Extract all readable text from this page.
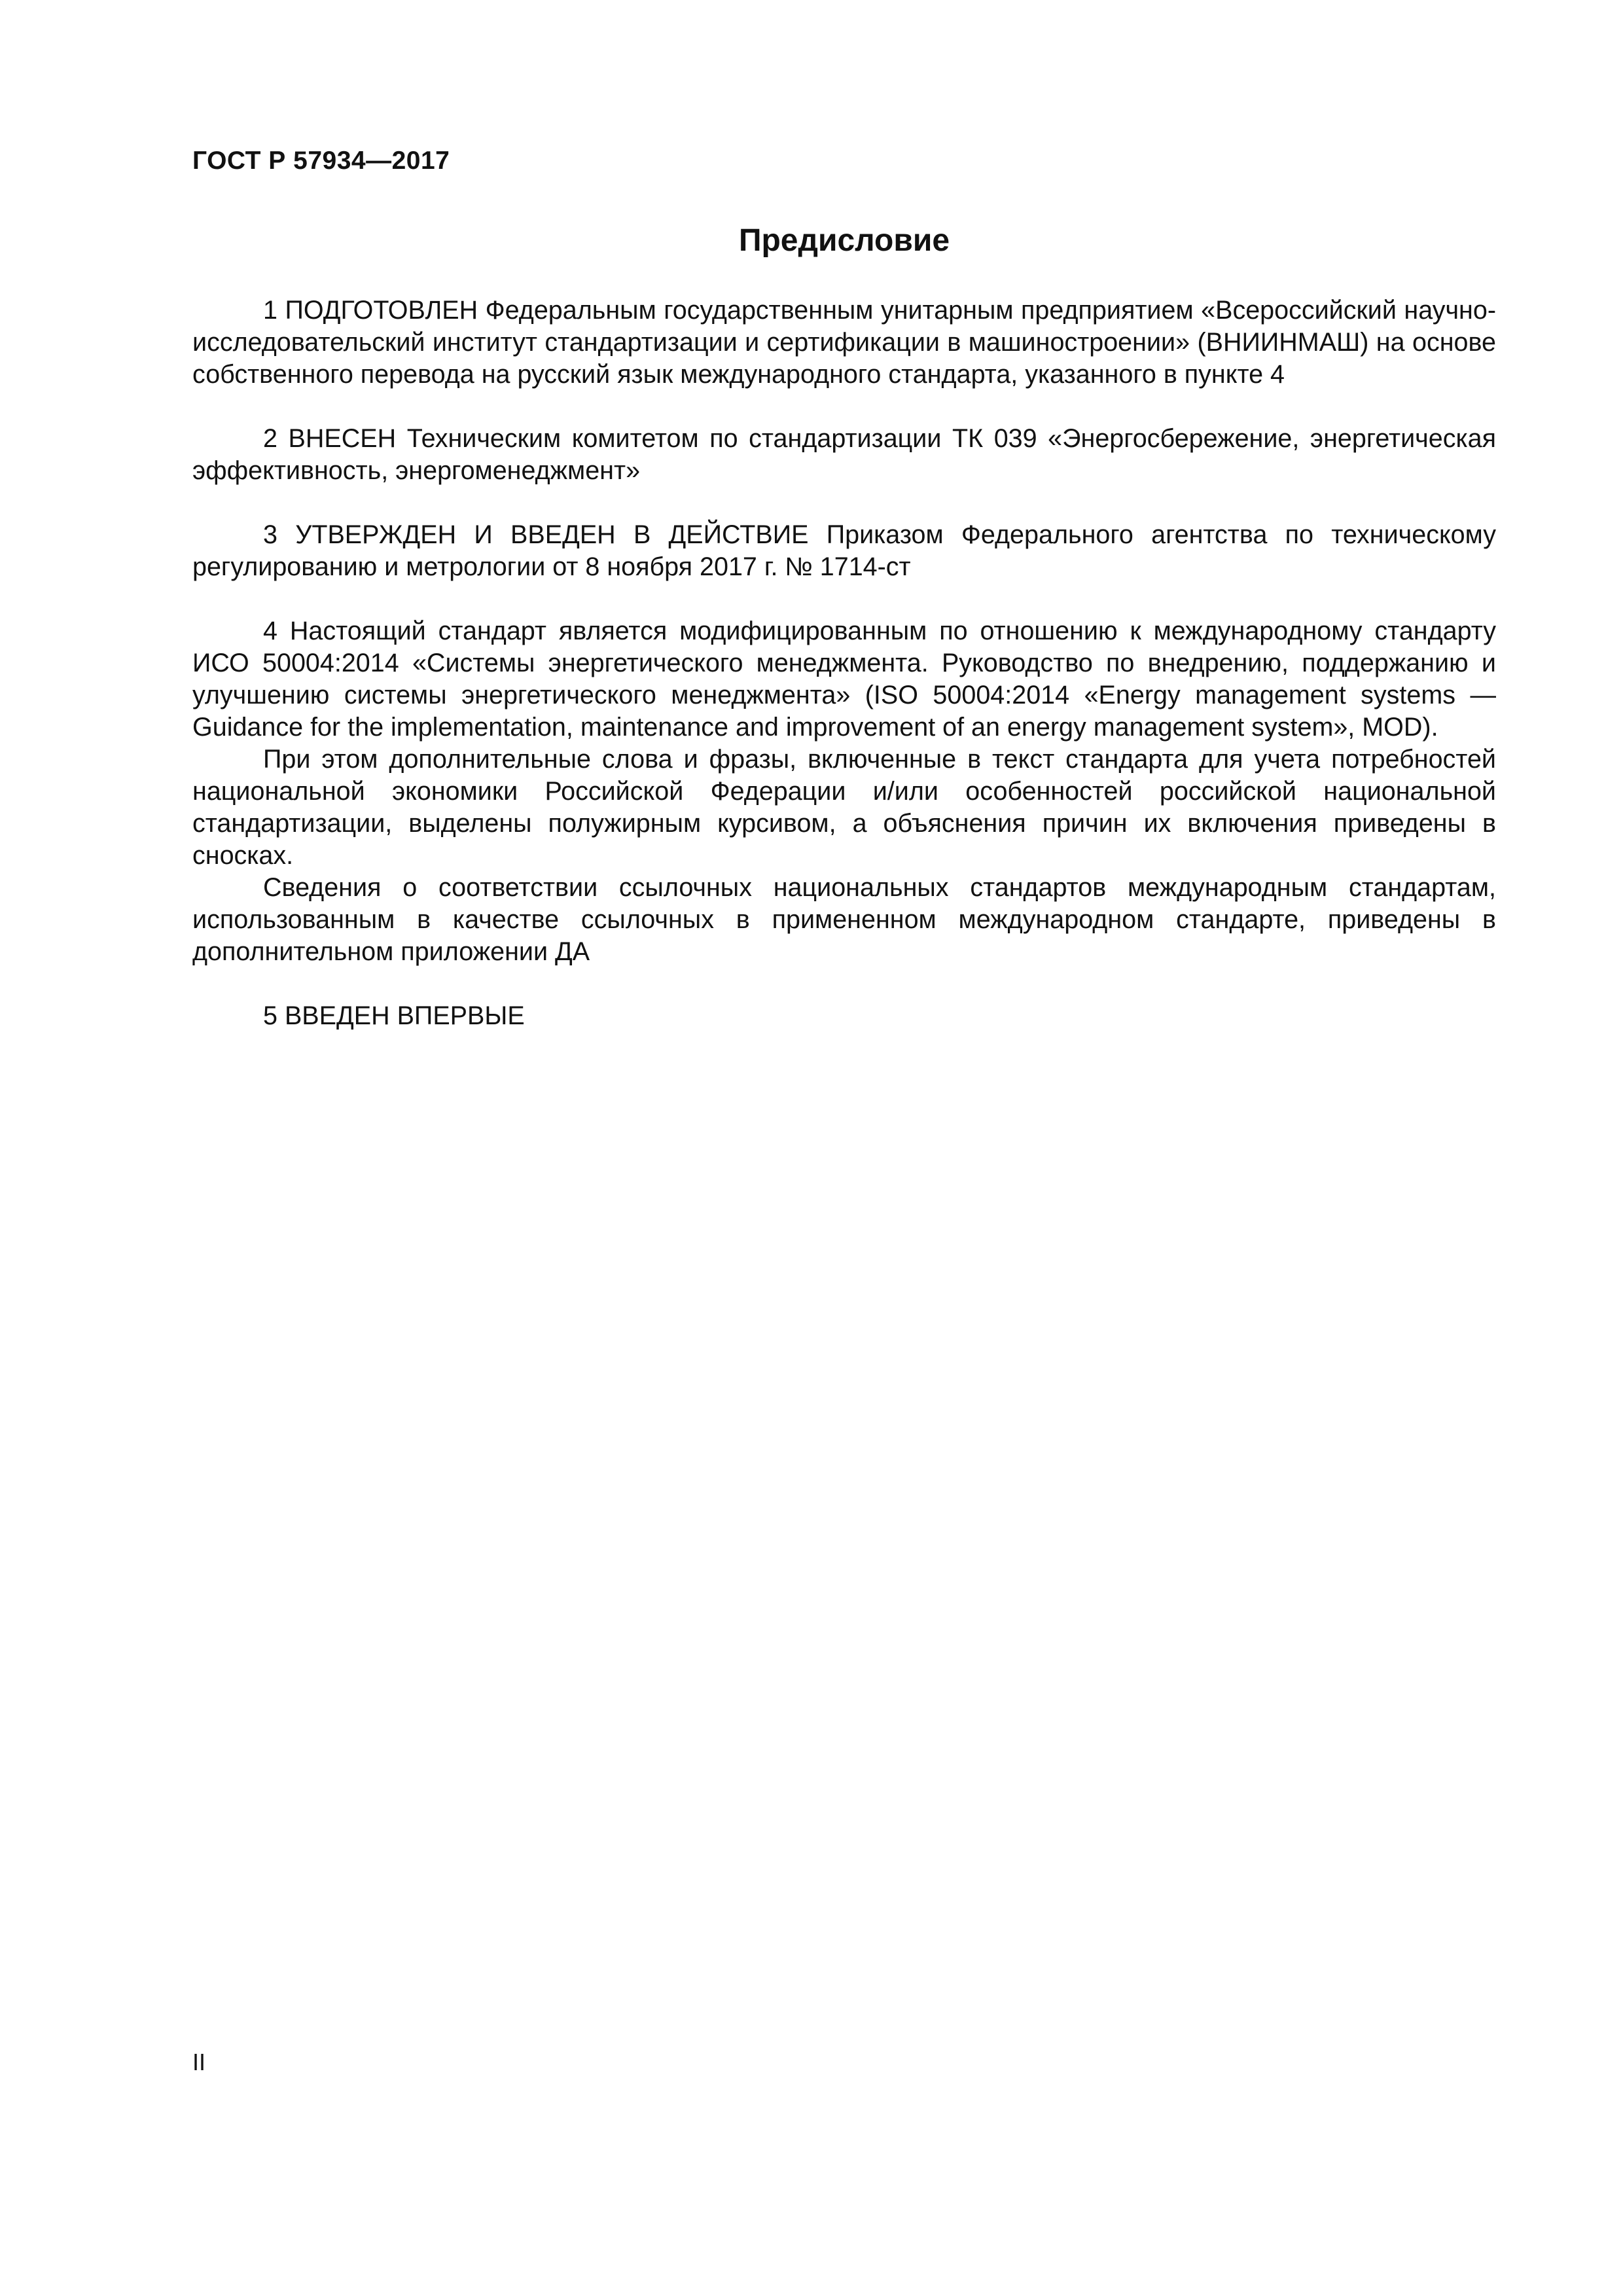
ГОСТ Р 57934—2017

Предисловие

1 ПОДГОТОВЛЕН Федеральным государственным унитарным предприятием «Всероссийский научно-исследовательский институт стандартизации и сертификации в машиностроении» (ВНИИНМАШ) на основе собственного перевода на русский язык международного стандарта, указанного в пункте 4

2 ВНЕСЕН Техническим комитетом по стандартизации ТК 039 «Энергосбережение, энергетическая эффективность, энергоменеджмент»

3 УТВЕРЖДЕН И ВВЕДЕН В ДЕЙСТВИЕ Приказом Федерального агентства по техническому регулированию и метрологии от 8 ноября 2017 г. № 1714-ст

4 Настоящий стандарт является модифицированным по отношению к международному стандарту ИСО 50004:2014 «Системы энергетического менеджмента. Руководство по внедрению, поддержанию и улучшению системы энергетического менеджмента» (ISO 50004:2014 «Energy management systems — Guidance for the implementation, maintenance and improvement of an energy management system», MOD).

При этом дополнительные слова и фразы, включенные в текст стандарта для учета потребностей национальной экономики Российской Федерации и/или особенностей российской национальной стандартизации, выделены полужирным курсивом, а объяснения причин их включения приведены в сносках.

Сведения о соответствии ссылочных национальных стандартов международным стандартам, использованным в качестве ссылочных в примененном международном стандарте, приведены в дополнительном приложении ДА

5 ВВЕДЕН ВПЕРВЫЕ

II
